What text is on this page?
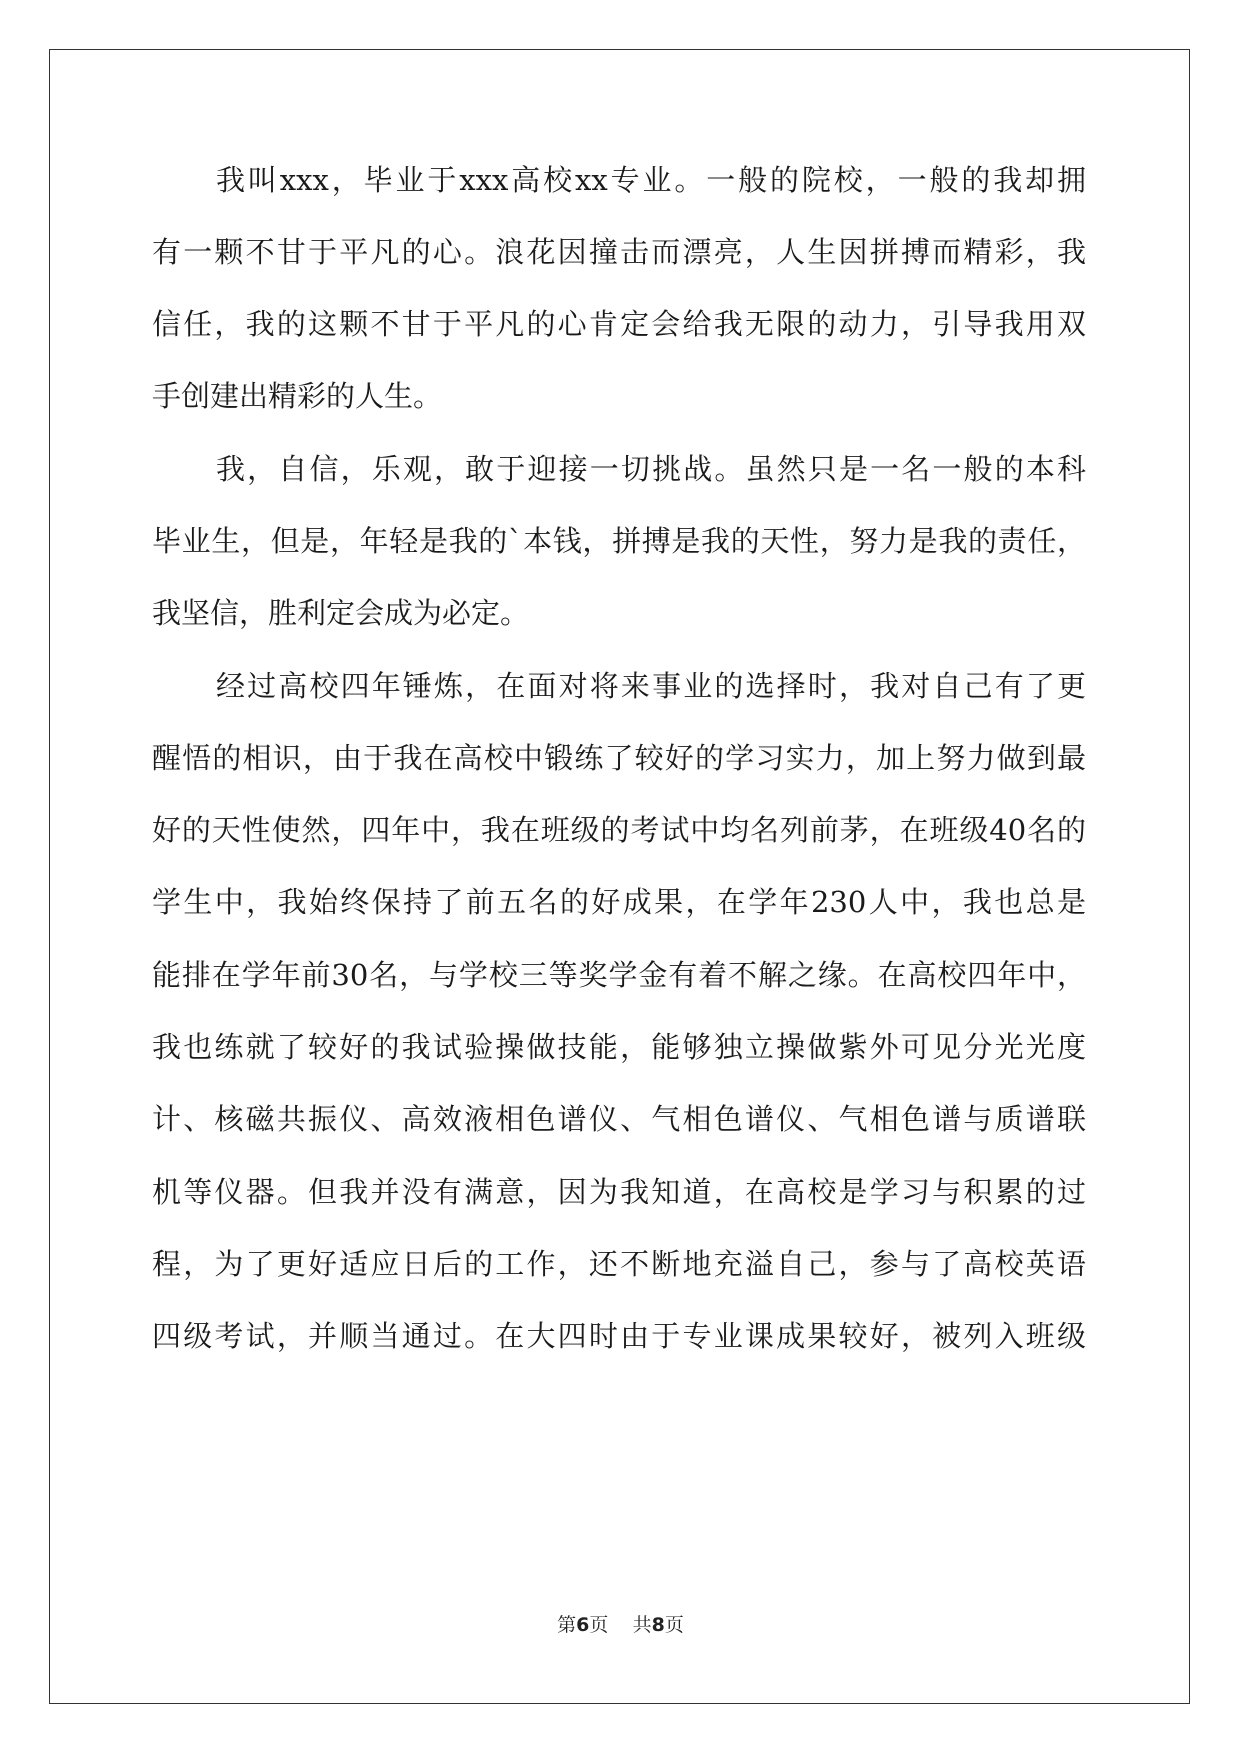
我叫xxx，毕业于xxx高校xx专业。一般的院校，一般的我却拥
有一颗不甘于平凡的心。浪花因撞击而漂亮，人生因拼搏而精彩，我
信任，我的这颗不甘于平凡的心肯定会给我无限的动力，引导我用双
手创建出精彩的人生。
我，自信，乐观，敢于迎接一切挑战。虽然只是一名一般的本科
毕业生，但是，年轻是我的`本钱，拼搏是我的天性，努力是我的责任，
我坚信，胜利定会成为必定。
经过高校四年锤炼，在面对将来事业的选择时，我对自己有了更
醒悟的相识，由于我在高校中锻练了较好的学习实力，加上努力做到最
好的天性使然，四年中，我在班级的考试中均名列前茅，在班级40名的
学生中，我始终保持了前五名的好成果，在学年230人中，我也总是
能排在学年前30名，与学校三等奖学金有着不解之缘。在高校四年中，
我也练就了较好的我试验操做技能，能够独立操做紫外可见分光光度
计、核磁共振仪、高效液相色谱仪、气相色谱仪、气相色谱与质谱联
机等仪器。但我并没有满意，因为我知道，在高校是学习与积累的过
程，为了更好适应日后的工作，还不断地充溢自己，参与了高校英语
四级考试，并顺当通过。在大四时由于专业课成果较好，被列入班级
第6页 共8页
